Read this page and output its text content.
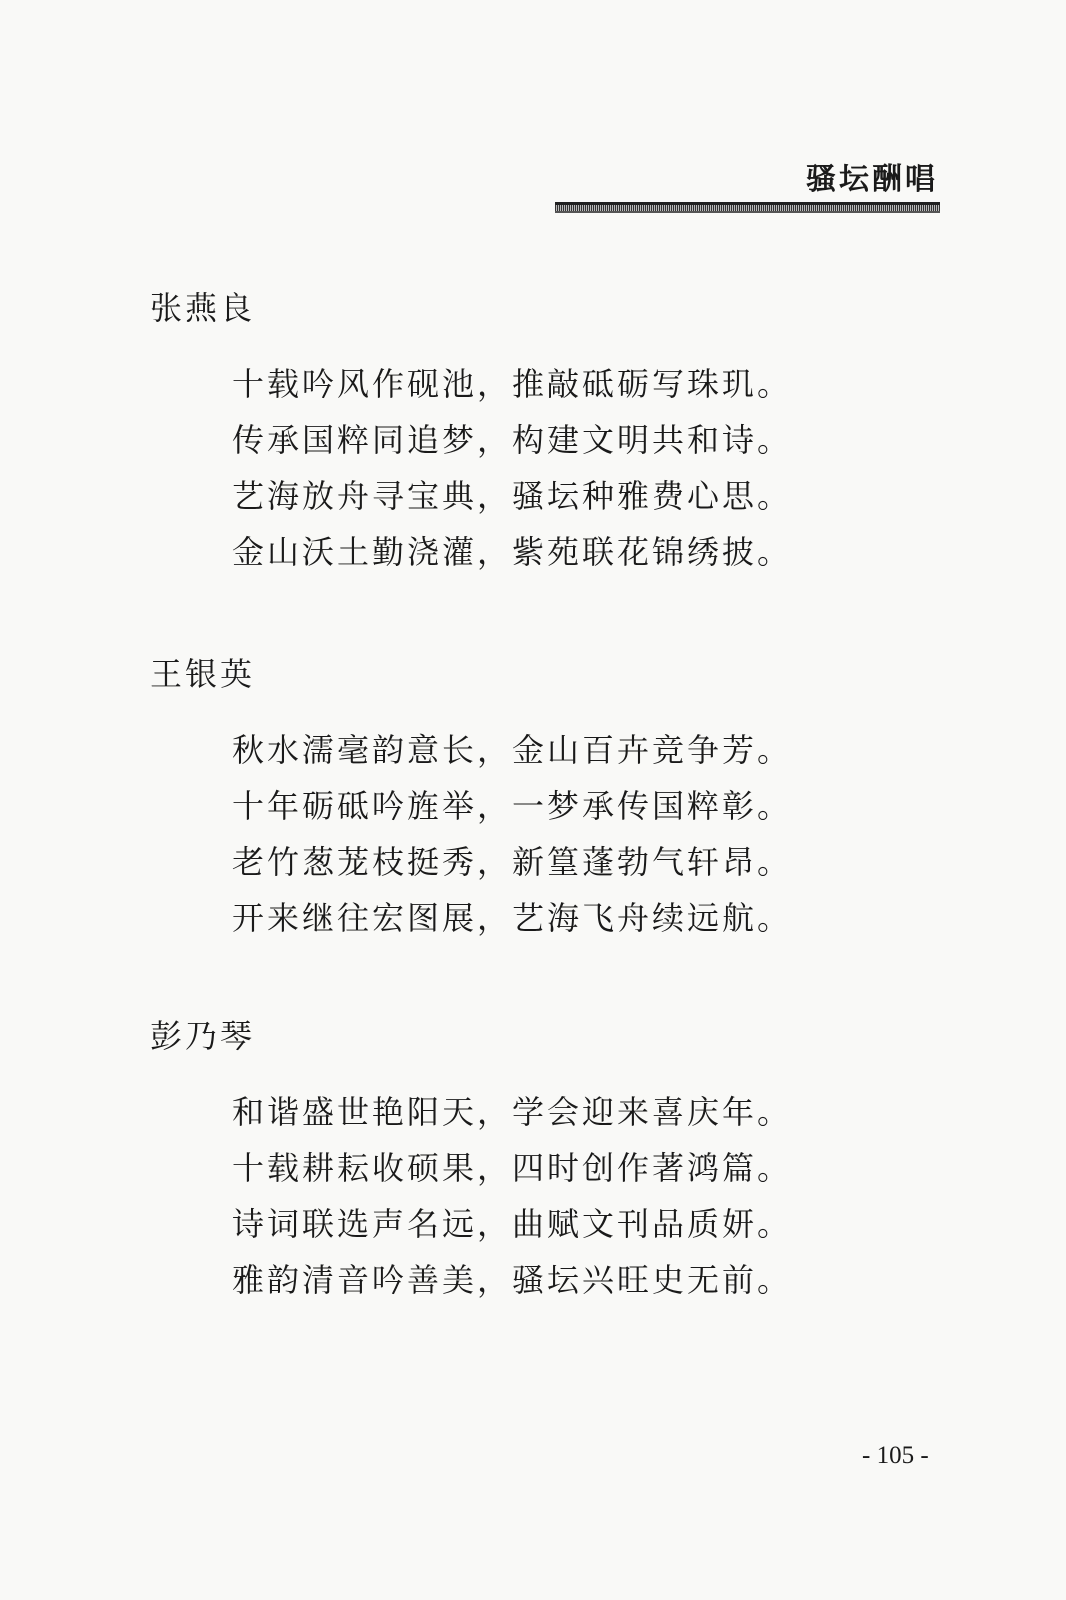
骚坛酬唱
张燕良
十载吟风作砚池，推敲砥砺写珠玑。
传承国粹同追梦，构建文明共和诗。
艺海放舟寻宝典，骚坛种雅费心思。
金山沃土勤浇灌，紫苑联花锦绣披。
王银英
秋水濡毫韵意长，金山百卉竞争芳。
十年砺砥吟旌举，一梦承传国粹彰。
老竹葱茏枝挺秀，新篁蓬勃气轩昂。
开来继往宏图展，艺海飞舟续远航。
彭乃琴
和谐盛世艳阳天，学会迎来喜庆年。
十载耕耘收硕果，四时创作著鸿篇。
诗词联选声名远，曲赋文刊品质妍。
雅韵清音吟善美，骚坛兴旺史无前。
- 105 -
